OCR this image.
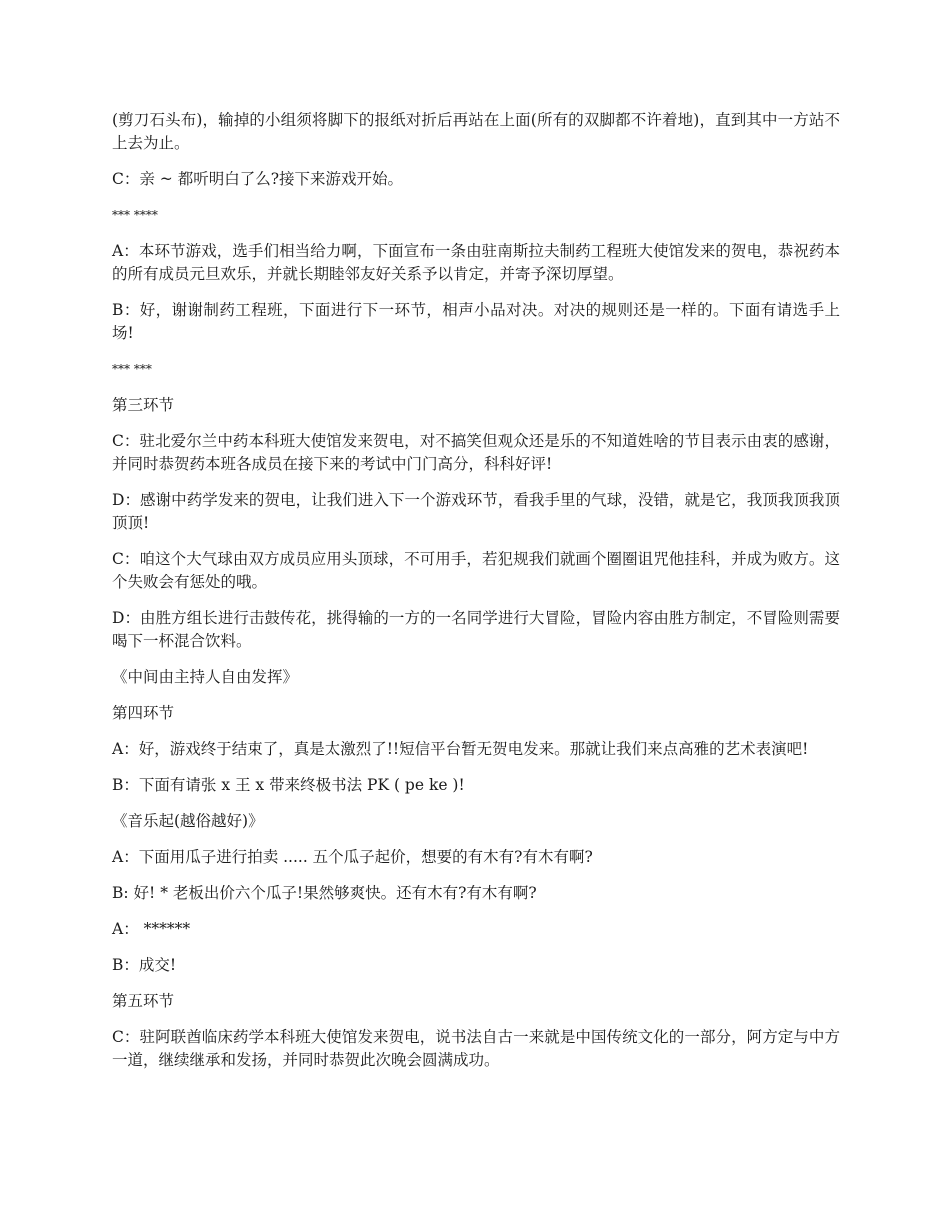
(剪刀石头布)，输掉的小组须将脚下的报纸对折后再站在上面(所有的双脚都不许着地)，直到其中一方站不上去为止。

C：亲 ~ 都听明白了么?接下来游戏开始。

*** ****

A：本环节游戏，选手们相当给力啊，下面宣布一条由驻南斯拉夫制药工程班大使馆发来的贺电，恭祝药本的所有成员元旦欢乐，并就长期睦邻友好关系予以肯定，并寄予深切厚望。

B：好，谢谢制药工程班，下面进行下一环节，相声小品对决。对决的规则还是一样的。下面有请选手上场!

*** ***

第三环节

C：驻北爱尔兰中药本科班大使馆发来贺电，对不搞笑但观众还是乐的不知道姓啥的节目表示由衷的感谢，并同时恭贺药本班各成员在接下来的考试中门门高分，科科好评!

D：感谢中药学发来的贺电，让我们进入下一个游戏环节，看我手里的气球，没错，就是它，我顶我顶我顶顶顶!

C：咱这个大气球由双方成员应用头顶球，不可用手，若犯规我们就画个圈圈诅咒他挂科，并成为败方。这个失败会有惩处的哦。

D：由胜方组长进行击鼓传花，挑得输的一方的一名同学进行大冒险，冒险内容由胜方制定，不冒险则需要喝下一杯混合饮料。

《中间由主持人自由发挥》

第四环节

A：好，游戏终于结束了，真是太激烈了!!短信平台暂无贺电发来。那就让我们来点高雅的艺术表演吧!

B：下面有请张 x 王 x 带来终极书法 PK ( pe ke )!

《音乐起(越俗越好)》

A：下面用瓜子进行拍卖 ..... 五个瓜子起价，想要的有木有?有木有啊?

B: 好! * 老板出价六个瓜子!果然够爽快。还有木有?有木有啊?

A： ******

B：成交!

第五环节

C：驻阿联酋临床药学本科班大使馆发来贺电，说书法自古一来就是中国传统文化的一部分，阿方定与中方一道，继续继承和发扬，并同时恭贺此次晚会圆满成功。
